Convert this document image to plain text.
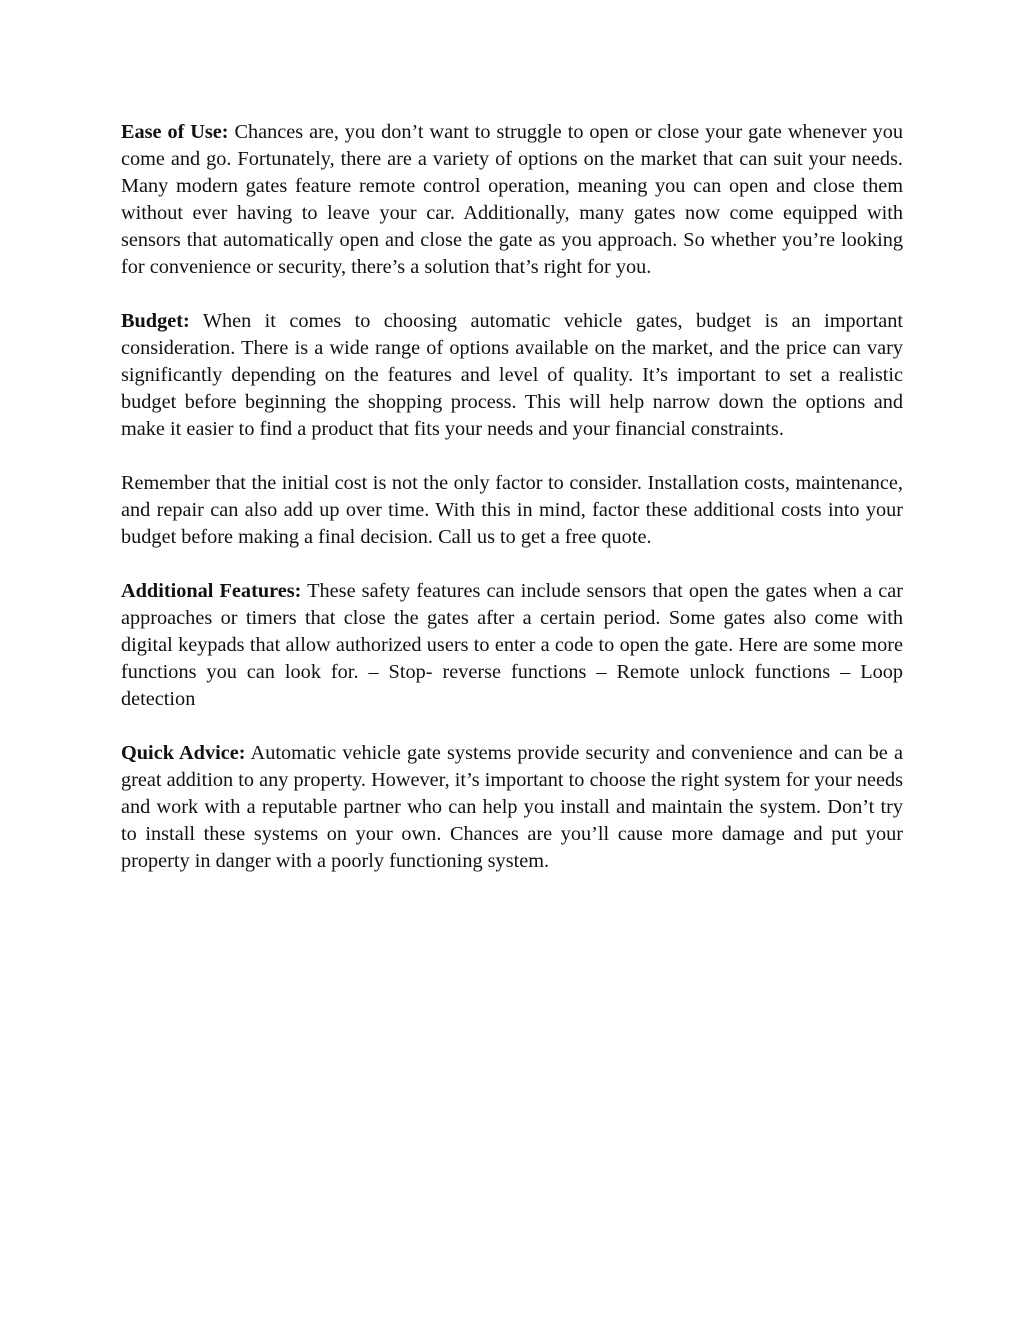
Ease of Use: Chances are, you don’t want to struggle to open or close your gate whenever you come and go. Fortunately, there are a variety of options on the market that can suit your needs. Many modern gates feature remote control operation, meaning you can open and close them without ever having to leave your car. Additionally, many gates now come equipped with sensors that automatically open and close the gate as you approach. So whether you’re looking for convenience or security, there’s a solution that’s right for you.

Budget: When it comes to choosing automatic vehicle gates, budget is an important consideration. There is a wide range of options available on the market, and the price can vary significantly depending on the features and level of quality. It’s important to set a realistic budget before beginning the shopping process. This will help narrow down the options and make it easier to find a product that fits your needs and your financial constraints.

Remember that the initial cost is not the only factor to consider. Installation costs, maintenance, and repair can also add up over time. With this in mind, factor these additional costs into your budget before making a final decision. Call us to get a free quote.

Additional Features: These safety features can include sensors that open the gates when a car approaches or timers that close the gates after a certain period. Some gates also come with digital keypads that allow authorized users to enter a code to open the gate. Here are some more functions you can look for. – Stop- reverse functions – Remote unlock functions – Loop detection

Quick Advice: Automatic vehicle gate systems provide security and convenience and can be a great addition to any property. However, it’s important to choose the right system for your needs and work with a reputable partner who can help you install and maintain the system. Don’t try to install these systems on your own. Chances are you’ll cause more damage and put your property in danger with a poorly functioning system.
